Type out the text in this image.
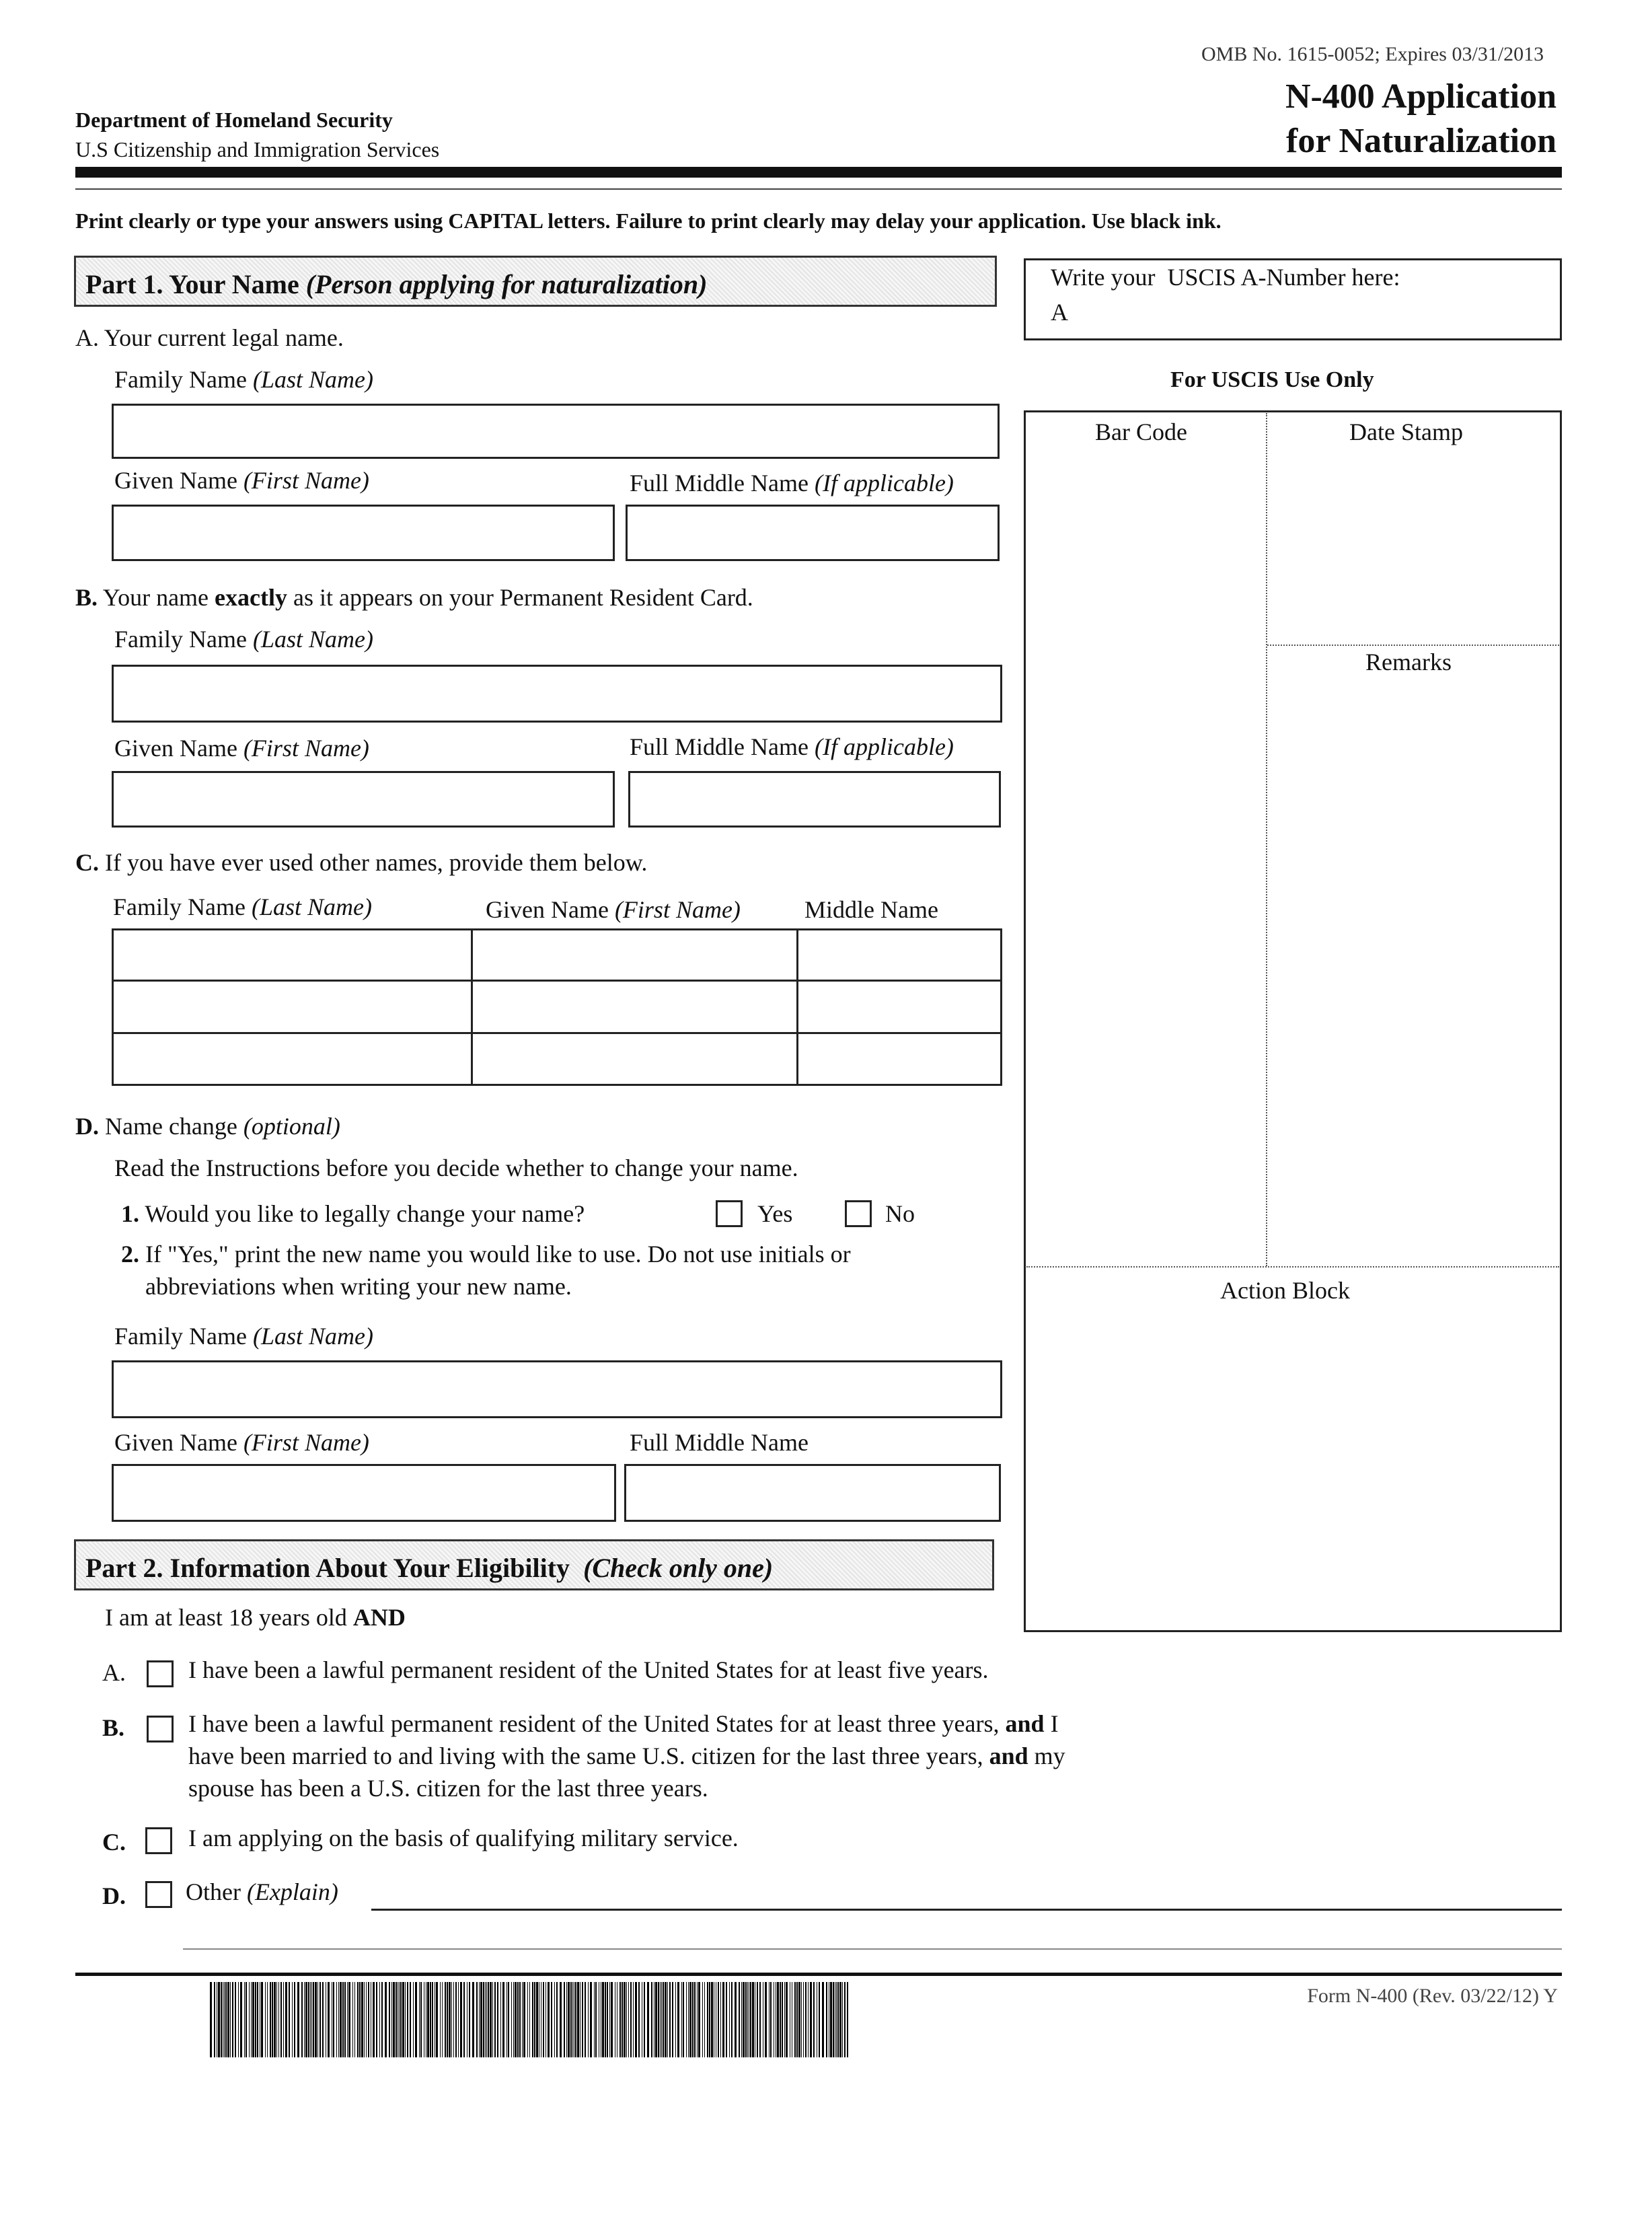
OMB No. 1615-0052; Expires 03/31/2013
Department of Homeland Security
U.S Citizenship and Immigration Services
N-400 Application
for Naturalization
Print clearly or type your answers using CAPITAL letters. Failure to print clearly may delay your application. Use black ink.
Part 1. Your Name (Person applying for naturalization)
A. Your current legal name.
Family Name (Last Name)
Given Name (First Name)	Full Middle Name (If applicable)
B. Your name exactly as it appears on your Permanent Resident Card.
Family Name (Last Name)
Given Name (First Name)	Full Middle Name (If applicable)
C. If you have ever used other names, provide them below.
Family Name (Last Name)	Given Name (First Name)	Middle Name
D. Name change (optional)
Read the Instructions before you decide whether to change your name.
1. Would you like to legally change your name?	Yes	No
2. If "Yes," print the new name you would like to use. Do not use initials or
abbreviations when writing your new name.
Family Name (Last Name)
Given Name (First Name)	Full Middle Name
Write your  USCIS A-Number here:
A
For USCIS Use Only
Bar Code	Date Stamp
Remarks
Action Block
Part 2. Information About Your Eligibility (Check only one)
I am at least 18 years old AND
A.	I have been a lawful permanent resident of the United States for at least five years.
B.	I have been a lawful permanent resident of the United States for at least three years, and I
have been married to and living with the same U.S. citizen for the last three years, and my
spouse has been a U.S. citizen for the last three years.
C.	I am applying on the basis of qualifying military service.
D. Other (Explain)
Form N-400 (Rev. 03/22/12) Y
